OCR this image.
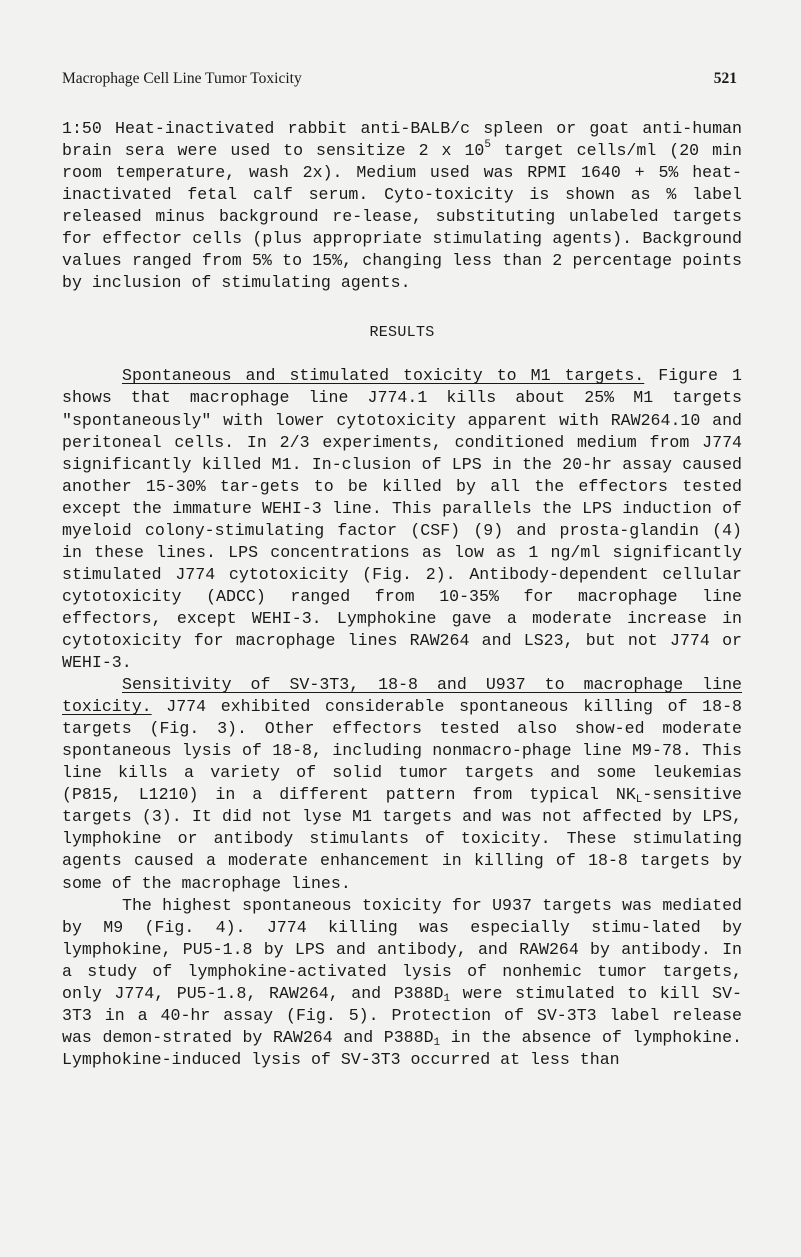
Macrophage Cell Line Tumor Toxicity	521

1:50 Heat-inactivated rabbit anti-BALB/c spleen or goat anti-human brain sera were used to sensitize 2 x $10^5$ target cells/ml (20 min room temperature, wash 2x). Medium used was RPMI 1640 + 5% heat-inactivated fetal calf serum. Cyto-toxicity is shown as % label released minus background re-lease, substituting unlabeled targets for effector cells (plus appropriate stimulating agents). Background values ranged from 5% to 15%, changing less than 2 percentage points by inclusion of stimulating agents.

RESULTS

Spontaneous and stimulated toxicity to M1 targets. Figure 1 shows that macrophage line J774.1 kills about 25% M1 targets "spontaneously" with lower cytotoxicity apparent with RAW264.10 and peritoneal cells. In 2/3 experiments, conditioned medium from J774 significantly killed M1. In-clusion of LPS in the 20-hr assay caused another 15-30% tar-gets to be killed by all the effectors tested except the immature WEHI-3 line. This parallels the LPS induction of myeloid colony-stimulating factor (CSF) (9) and prosta-glandin (4) in these lines. LPS concentrations as low as 1 ng/ml significantly stimulated J774 cytotoxicity (Fig. 2). Antibody-dependent cellular cytotoxicity (ADCC) ranged from 10-35% for macrophage line effectors, except WEHI-3. Lymphokine gave a moderate increase in cytotoxicity for macrophage lines RAW264 and LS23, but not J774 or WEHI-3.

Sensitivity of SV-3T3, 18-8 and U937 to macrophage line toxicity. J774 exhibited considerable spontaneous killing of 18-8 targets (Fig. 3). Other effectors tested also show-ed moderate spontaneous lysis of 18-8, including nonmacro-phage line M9-78. This line kills a variety of solid tumor targets and some leukemias (P815, L1210) in a different pattern from typical $NK_L$-sensitive targets (3). It did not lyse M1 targets and was not affected by LPS, lymphokine or antibody stimulants of toxicity. These stimulating agents caused a moderate enhancement in killing of 18-8 targets by some of the macrophage lines.

The highest spontaneous toxicity for U937 targets was mediated by M9 (Fig. 4). J774 killing was especially stimu-lated by lymphokine, PU5-1.8 by LPS and antibody, and RAW264 by antibody. In a study of lymphokine-activated lysis of nonhemic tumor targets, only J774, PU5-1.8, RAW264, and $P388D_1$ were stimulated to kill SV-3T3 in a 40-hr assay (Fig. 5). Protection of SV-3T3 label release was demon-strated by RAW264 and $P388D_1$ in the absence of lymphokine. Lymphokine-induced lysis of SV-3T3 occurred at less than
